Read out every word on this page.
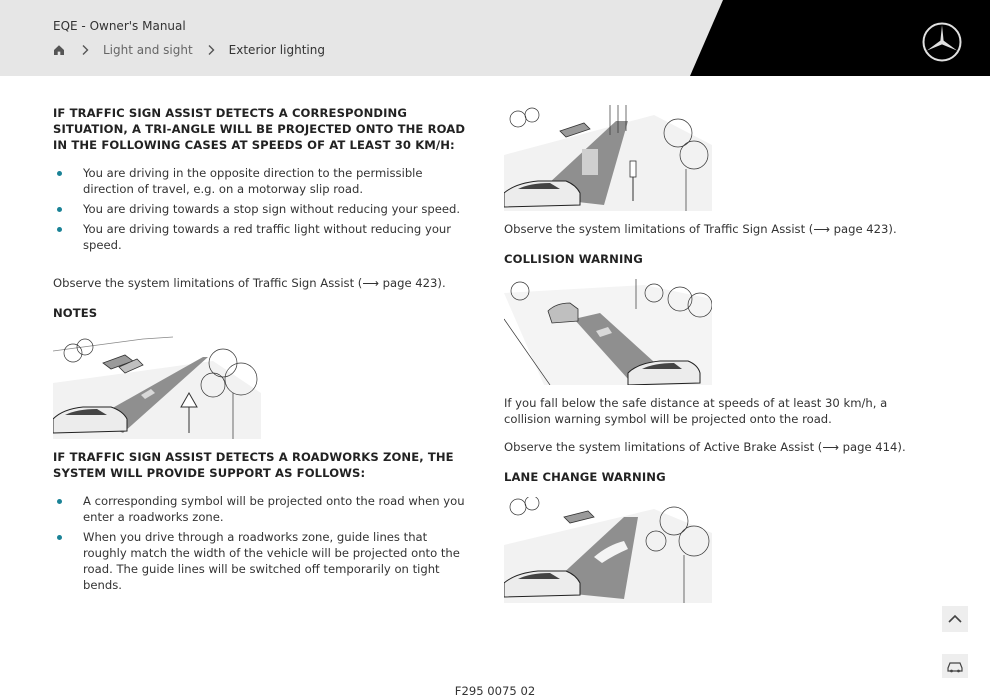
EQE - Owner's Manual
Light and sight	Exterior lighting
IF TRAFFIC SIGN ASSIST DETECTS A CORRESPONDING SITUATION, A TRI-ANGLE WILL BE PROJECTED ONTO THE ROAD IN THE FOLLOWING CASES AT SPEEDS OF AT LEAST 30 KM/H:
You are driving in the opposite direction to the permissible direction of travel, e.g. on a motorway slip road.
You are driving towards a stop sign without reducing your speed.
You are driving towards a red traffic light without reducing your speed.

Observe the system limitations of Traffic Sign Assist (⟶ page 423).

NOTES
IF TRAFFIC SIGN ASSIST DETECTS A ROADWORKS ZONE, THE SYSTEM WILL PROVIDE SUPPORT AS FOLLOWS:
A corresponding symbol will be projected onto the road when you enter a roadworks zone.
When you drive through a roadworks zone, guide lines that roughly match the width of the vehicle will be projected onto the road. The guide lines will be switched off temporarily on tight bends.

Observe the system limitations of Traffic Sign Assist (⟶ page 423).

COLLISION WARNING

If you fall below the safe distance at speeds of at least 30 km/h, a collision warning symbol will be projected onto the road.

Observe the system limitations of Active Brake Assist (⟶ page 414).

LANE CHANGE WARNING
F295 0075 02
